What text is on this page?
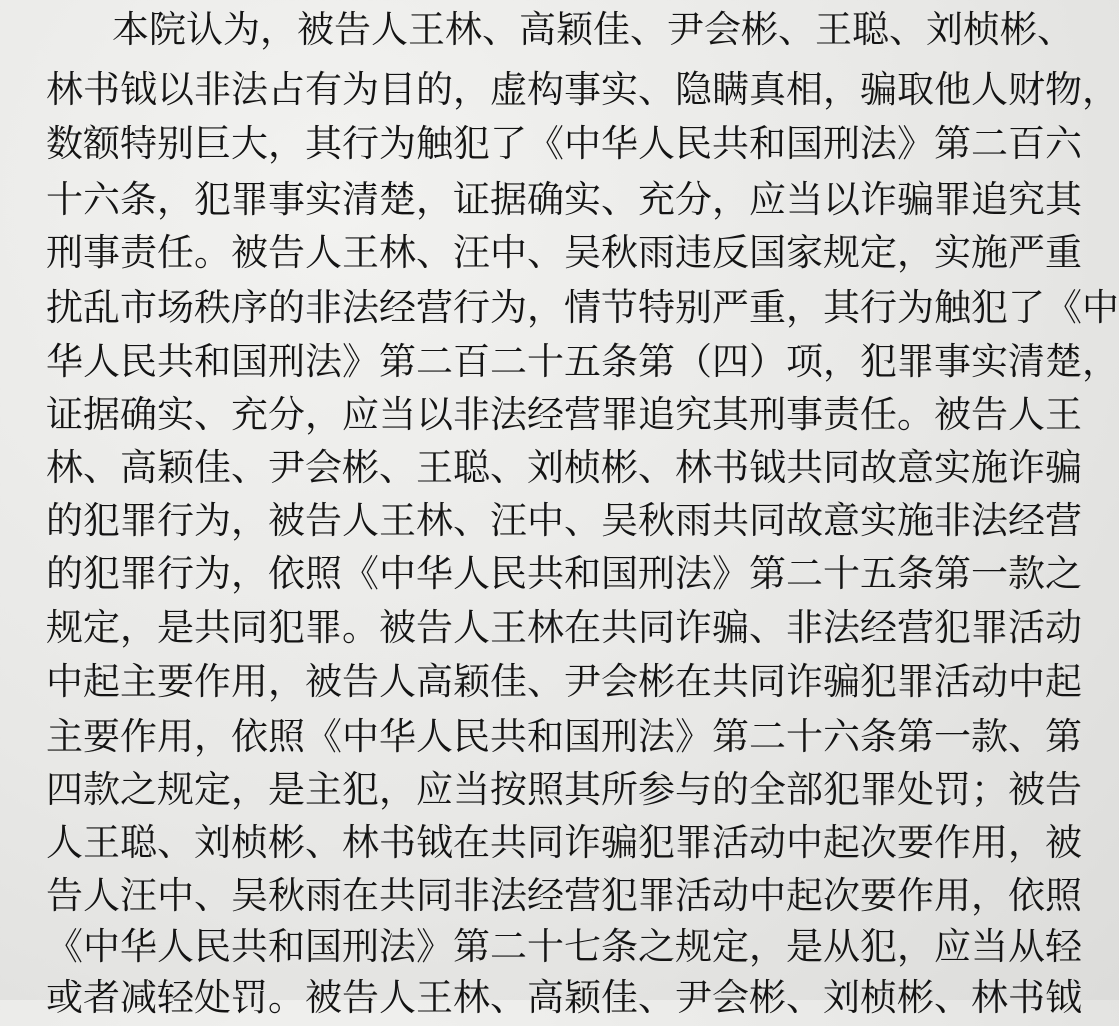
本院认为，被告人王林、高颖佳、尹会彬、王聪、刘桢彬、
林书钺以非法占有为目的，虚构事实、隐瞒真相，骗取他人财物，
数额特别巨大，其行为触犯了《中华人民共和国刑法》第二百六
十六条，犯罪事实清楚，证据确实、充分，应当以诈骗罪追究其
刑事责任。被告人王林、汪中、吴秋雨违反国家规定，实施严重
扰乱市场秩序的非法经营行为，情节特别严重，其行为触犯了《中
华人民共和国刑法》第二百二十五条第（四）项，犯罪事实清楚，
证据确实、充分，应当以非法经营罪追究其刑事责任。被告人王
林、高颖佳、尹会彬、王聪、刘桢彬、林书钺共同故意实施诈骗
的犯罪行为，被告人王林、汪中、吴秋雨共同故意实施非法经营
的犯罪行为，依照《中华人民共和国刑法》第二十五条第一款之
规定，是共同犯罪。被告人王林在共同诈骗、非法经营犯罪活动
中起主要作用，被告人高颖佳、尹会彬在共同诈骗犯罪活动中起
主要作用，依照《中华人民共和国刑法》第二十六条第一款、第
四款之规定，是主犯，应当按照其所参与的全部犯罪处罚；被告
人王聪、刘桢彬、林书钺在共同诈骗犯罪活动中起次要作用，被
告人汪中、吴秋雨在共同非法经营犯罪活动中起次要作用，依照
《中华人民共和国刑法》第二十七条之规定，是从犯，应当从轻
或者减轻处罚。被告人王林、高颖佳、尹会彬、刘桢彬、林书钺
